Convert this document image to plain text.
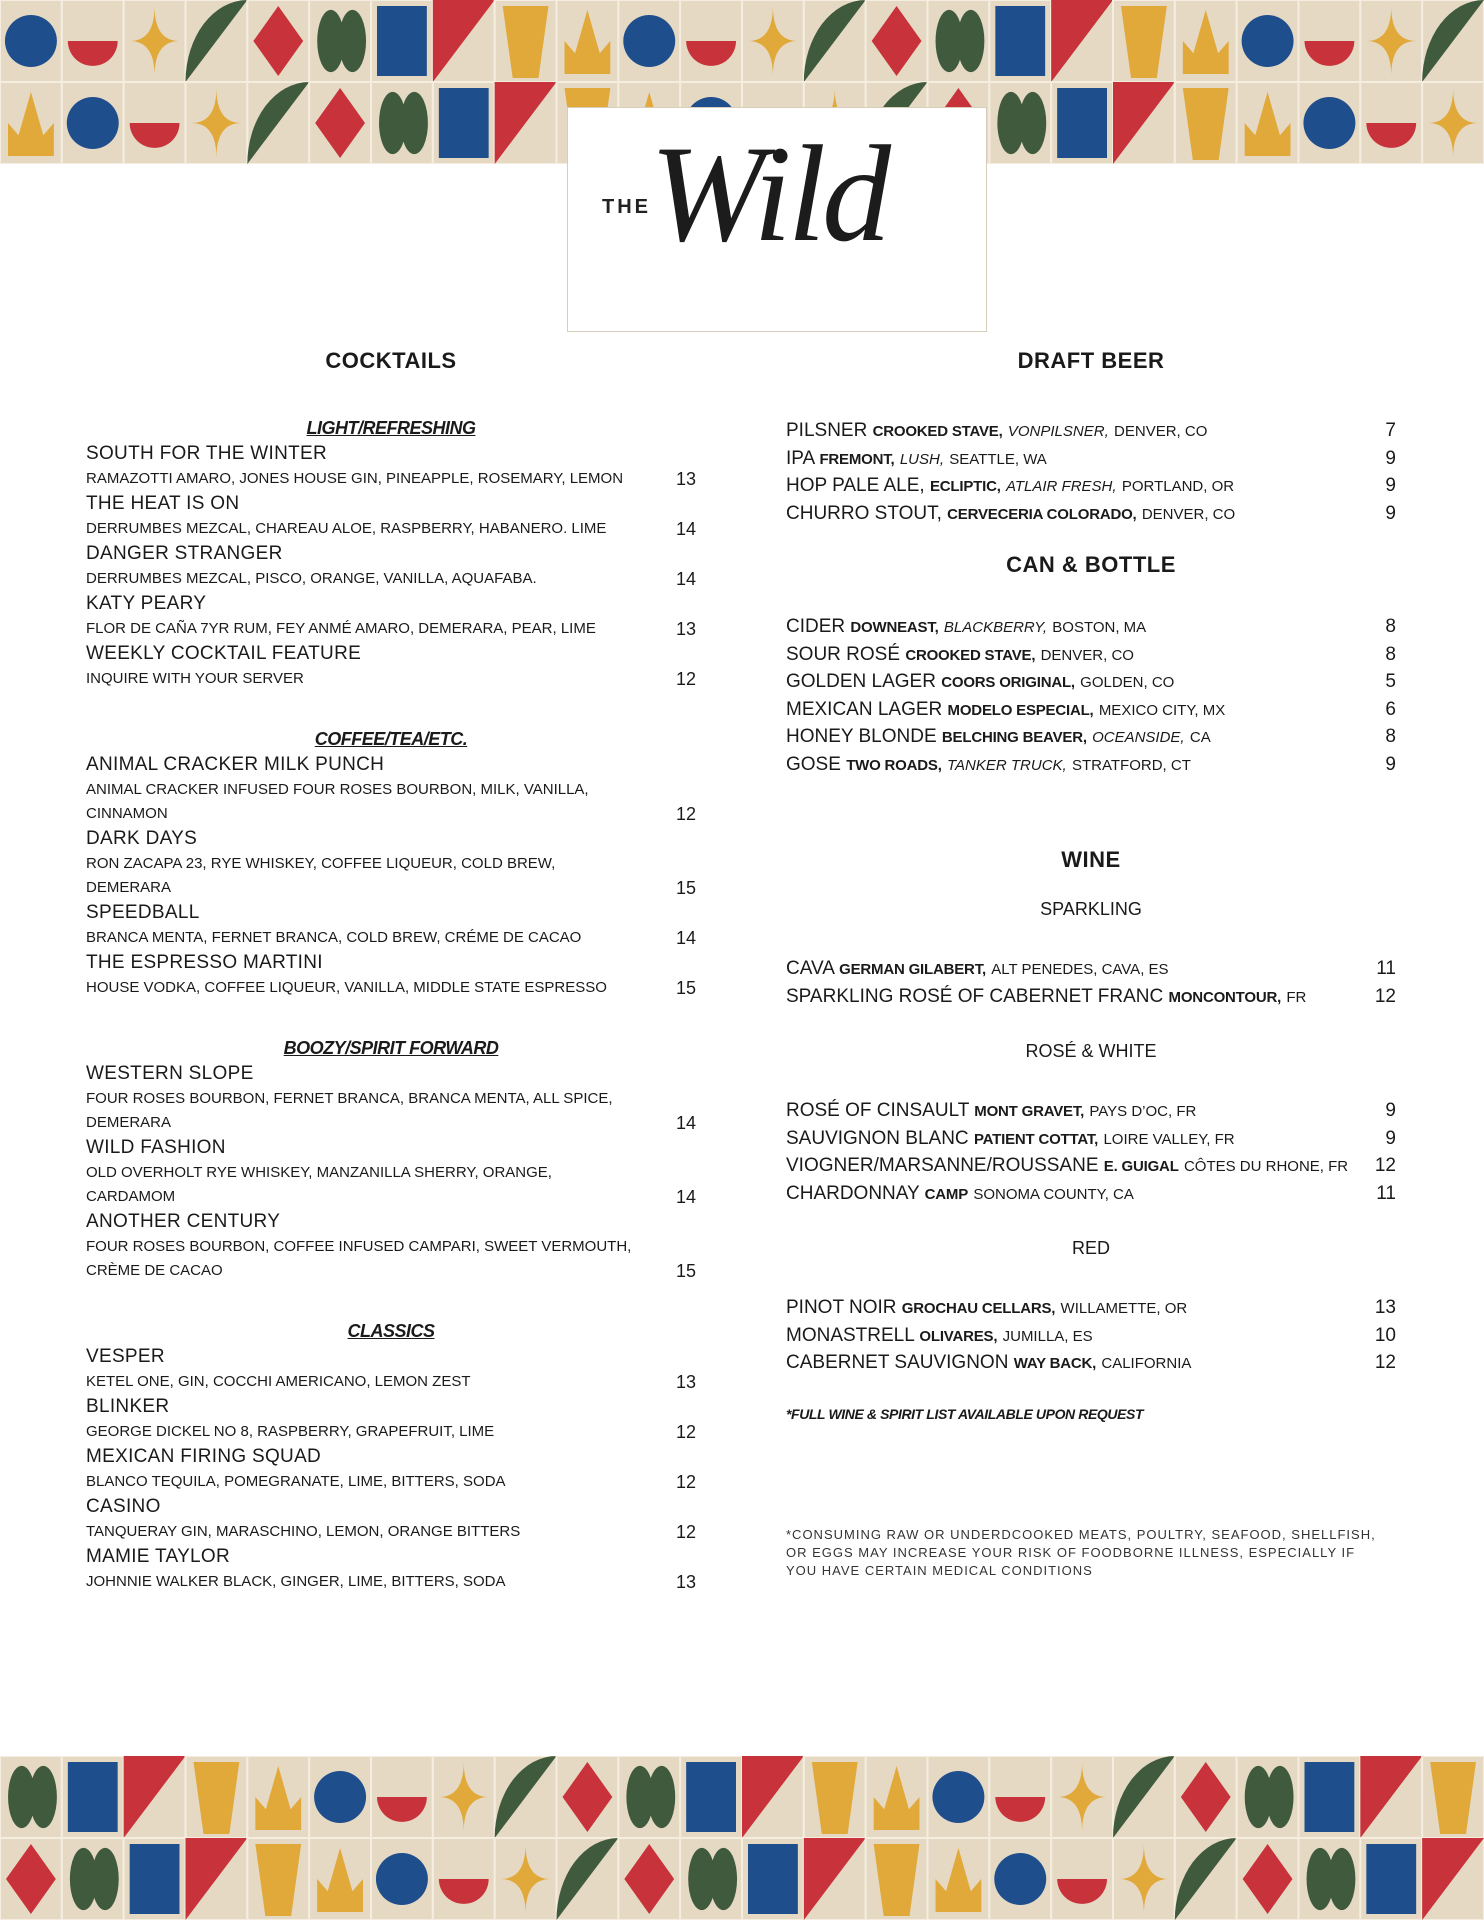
THE Wild
COCKTAILS
LIGHT/REFRESHING
SOUTH FOR THE WINTER
RAMAZOTTI AMARO, JONES HOUSE GIN, PINEAPPLE, ROSEMARY, LEMON	13
THE HEAT IS ON
DERRUMBES MEZCAL, CHAREAU ALOE, RASPBERRY, HABANERO. LIME	14
DANGER STRANGER
DERRUMBES MEZCAL, PISCO, ORANGE, VANILLA, AQUAFABA.	14
KATY PEARY
FLOR DE CAÑA 7YR RUM, FEY ANMÉ AMARO, DEMERARA, PEAR, LIME	13
WEEKLY COCKTAIL FEATURE
INQUIRE WITH YOUR SERVER	12
COFFEE/TEA/ETC.
ANIMAL CRACKER MILK PUNCH
ANIMAL CRACKER INFUSED FOUR ROSES BOURBON, MILK, VANILLA, CINNAMON	12
DARK DAYS
RON ZACAPA 23, RYE WHISKEY, COFFEE LIQUEUR, COLD BREW, DEMERARA	15
SPEEDBALL
BRANCA MENTA, FERNET BRANCA, COLD BREW, CRÉME DE CACAO	14
THE ESPRESSO MARTINI
HOUSE VODKA, COFFEE LIQUEUR, VANILLA, MIDDLE STATE ESPRESSO	15
BOOZY/SPIRIT FORWARD
WESTERN SLOPE
FOUR ROSES BOURBON, FERNET BRANCA, BRANCA MENTA, ALL SPICE, DEMERARA	14
WILD FASHION
OLD OVERHOLT RYE WHISKEY, MANZANILLA SHERRY, ORANGE, CARDAMOM	14
ANOTHER CENTURY
FOUR ROSES BOURBON, COFFEE INFUSED CAMPARI, SWEET VERMOUTH, CRÈME DE CACAO	15
CLASSICS
VESPER
KETEL ONE, GIN, COCCHI AMERICANO, LEMON ZEST	13
BLINKER
GEORGE DICKEL NO 8, RASPBERRY, GRAPEFRUIT, LIME	12
MEXICAN FIRING SQUAD
BLANCO TEQUILA, POMEGRANATE, LIME, BITTERS, SODA	12
CASINO
TANQUERAY GIN, MARASCHINO, LEMON, ORANGE BITTERS	12
MAMIE TAYLOR
JOHNNIE WALKER BLACK, GINGER, LIME, BITTERS, SODA	13
DRAFT BEER
PILSNER CROOKED STAVE, VONPILSNER, DENVER, CO	7
IPA FREMONT, LUSH, SEATTLE, WA	9
HOP PALE ALE, ECLIPTIC, ATLAIR FRESH, PORTLAND, OR	9
CHURRO STOUT, CERVECERIA COLORADO, DENVER, CO	9
CAN & BOTTLE
CIDER DOWNEAST, BLACKBERRY, BOSTON, MA	8
SOUR ROSÉ CROOKED STAVE, DENVER, CO	8
GOLDEN LAGER COORS ORIGINAL, GOLDEN, CO	5
MEXICAN LAGER MODELO ESPECIAL, MEXICO CITY, MX	6
HONEY BLONDE BELCHING BEAVER, OCEANSIDE, CA	8
GOSE TWO ROADS, TANKER TRUCK, STRATFORD, CT	9
WINE
SPARKLING
CAVA GERMAN GILABERT, ALT PENEDES, CAVA, ES	11
SPARKLING ROSÉ OF CABERNET FRANC MONCONTOUR, FR	12
ROSÉ & WHITE
ROSÉ OF CINSAULT MONT GRAVET, PAYS D’OC, FR	9
SAUVIGNON BLANC PATIENT COTTAT, LOIRE VALLEY, FR	9
VIOGNER/MARSANNE/ROUSSANE E. GUIGAL CÔTES DU RHONE, FR 12
CHARDONNAY CAMP SONOMA COUNTY, CA	11
RED
PINOT NOIR GROCHAU CELLARS, WILLAMETTE, OR	13
MONASTRELL OLIVARES, JUMILLA, ES	10
CABERNET SAUVIGNON WAY BACK, CALIFORNIA	12
*FULL WINE & SPIRIT LIST AVAILABLE UPON REQUEST
*CONSUMING RAW OR UNDERDCOOKED MEATS, POULTRY, SEAFOOD, SHELLFISH, OR EGGS MAY INCREASE YOUR RISK OF FOODBORNE ILLNESS, ESPECIALLY IF YOU HAVE CERTAIN MEDICAL CONDITIONS
